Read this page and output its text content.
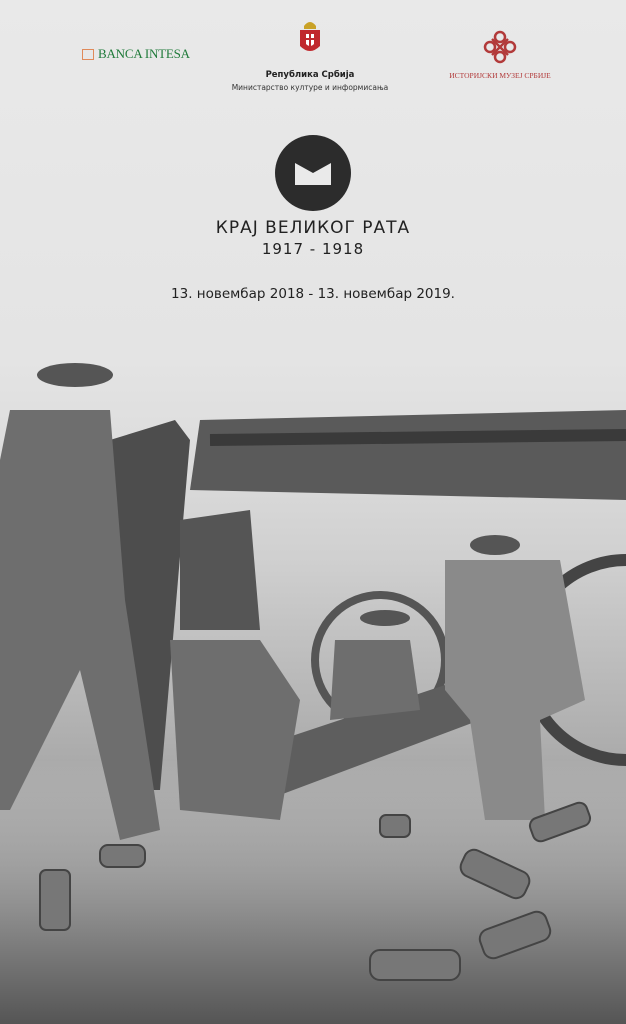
BANCA INTESA
Република Србија
Министарство културе и информисања
ИСТОРИЈСКИ МУЗЕЈ СРБИЈЕ
КРАЈ ВЕЛИКОГ РАТА
1917 - 1918
13. новембар 2018 - 13. новембар 2019.
